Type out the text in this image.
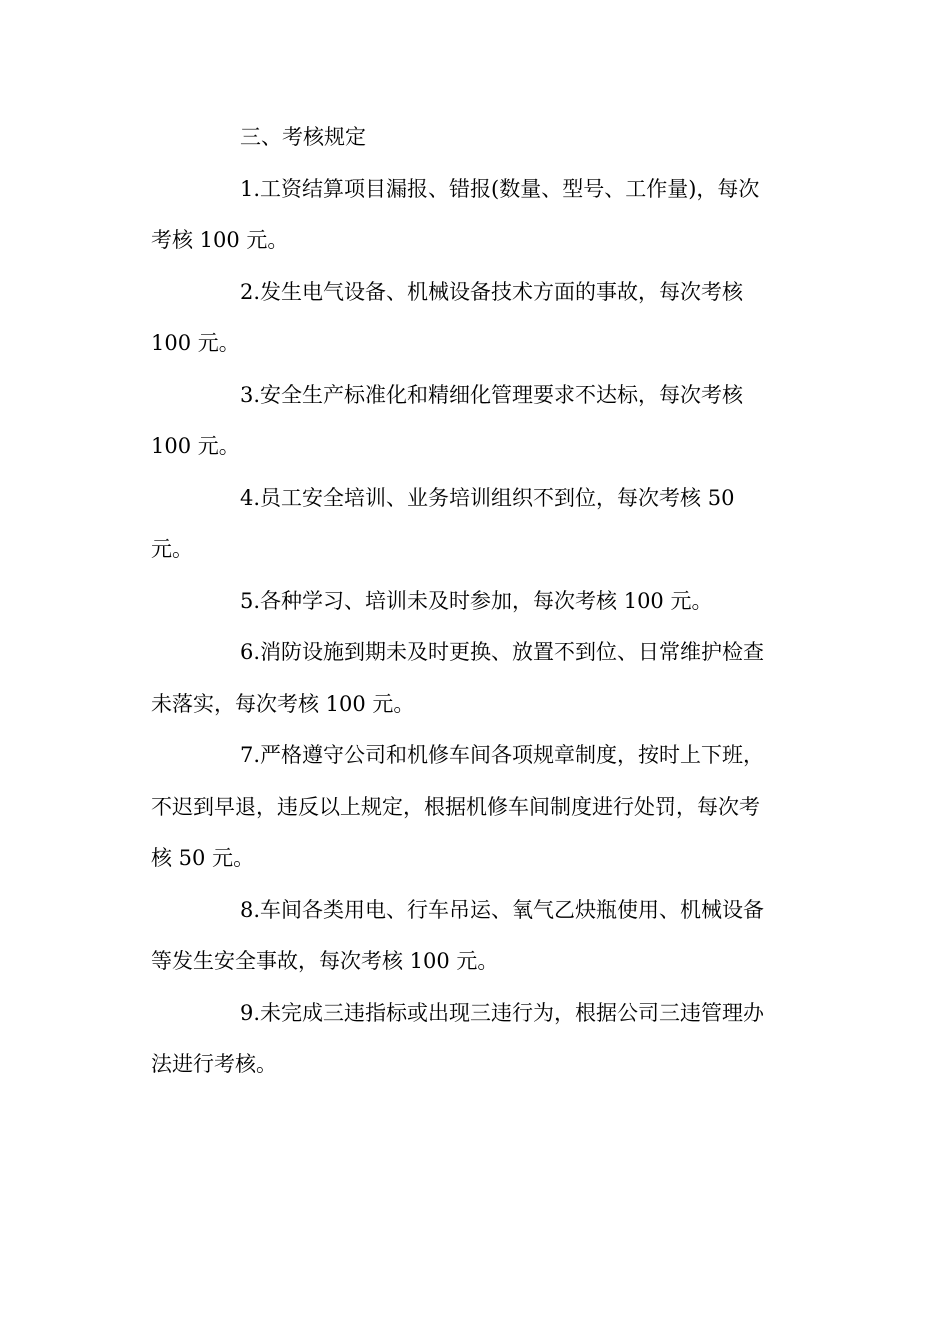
三、考核规定
1.工资结算项目漏报、错报(数量、型号、工作量)，每次
考核 100 元。
2.发生电气设备、机械设备技术方面的事故，每次考核
100 元。
3.安全生产标准化和精细化管理要求不达标，每次考核
100 元。
4.员工安全培训、业务培训组织不到位，每次考核 50
元。
5.各种学习、培训未及时参加，每次考核 100 元。
6.消防设施到期未及时更换、放置不到位、日常维护检查
未落实，每次考核 100 元。
7.严格遵守公司和机修车间各项规章制度，按时上下班，
不迟到早退，违反以上规定，根据机修车间制度进行处罚，每次考
核 50 元。
8.车间各类用电、行车吊运、氧气乙炔瓶使用、机械设备
等发生安全事故，每次考核 100 元。
9.未完成三违指标或出现三违行为，根据公司三违管理办
法进行考核。
